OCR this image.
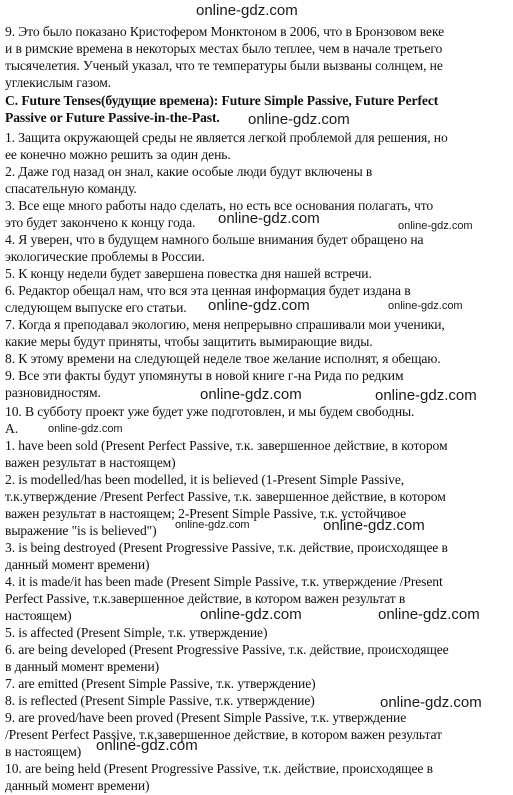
9. Это было показано Кристофером Монктоном в 2006, что в Бронзовом веке
и в римские времена в некоторых местах было теплее, чем в начале третьего
тысячелетия. Ученый указал, что те температуры были вызваны солнцем, не
углекислым газом.
C. Future Tenses(будущие времена): Future Simple Passive, Future Perfect
Passive or Future Passive-in-the-Past.
1. Защита окружающей среды не является легкой проблемой для решения, но
ее конечно можно решить за один день.
2. Даже год назад он знал, какие особые люди будут включены в
спасательную команду.
3. Все еще много работы надо сделать, но есть все основания полагать, что
это будет закончено к концу года.
4. Я уверен, что в будущем намного больше внимания будет обращено на
экологические проблемы в России.
5. К концу недели будет завершена повестка дня нашей встречи.
6. Редактор обещал нам, что вся эта ценная информация будет издана в
следующем выпуске его статьи.
7. Когда я преподавал экологию, меня непрерывно спрашивали мои ученики,
какие меры будут приняты, чтобы защитить вымирающие виды.
8. К этому времени на следующей неделе твое желание исполнят, я обещаю.
9. Все эти факты будут упомянуты в новой книге г-на Рида по редким
разновидностям.
10. В субботу проект уже будет уже подготовлен, и мы будем свободны.
A.
1. have been sold (Present Perfect Passive, т.к. завершенное действие, в котором
важен результат в настоящем)
2. is modelled/has been modelled, it is believed (1-Present Simple Passive,
т.к.утверждение /Present Perfect Passive, т.к. завершенное действие, в котором
важен результат в настоящем; 2-Present Simple Passive, т.к. устойчивое
выражение "is is believed")
3. is being destroyed (Present Progressive Passive, т.к. действие, происходящее в
данный момент времени)
4. it is made/it has been made (Present Simple Passive, т.к. утверждение /Present
Perfect Passive, т.к.завершенное действие, в котором важен результат в
настоящем)
5. is affected (Present Simple, т.к. утверждение)
6. are being developed (Present Progressive Passive, т.к. действие, происходящее
в данный момент времени)
7. are emitted (Present Simple Passive, т.к. утверждение)
8. is reflected (Present Simple Passive, т.к. утверждение)
9. are proved/have been proved (Present Simple Passive, т.к. утверждение
/Present Perfect Passive, т.к.завершенное действие, в котором важен результат
в настоящем)
10. are being held (Present Progressive Passive, т.к. действие, происходящее в
данный момент времени)
online-gdz.com
online-gdz.com
online-gdz.com	online-gdz.com
online-gdz.com	online-gdz.com
online-gdz.com	online-gdz.com
online-gdz.com
online-gdz.com	online-gdz.com
online-gdz.com	online-gdz.com
online-gdz.com
online-gdz.com
